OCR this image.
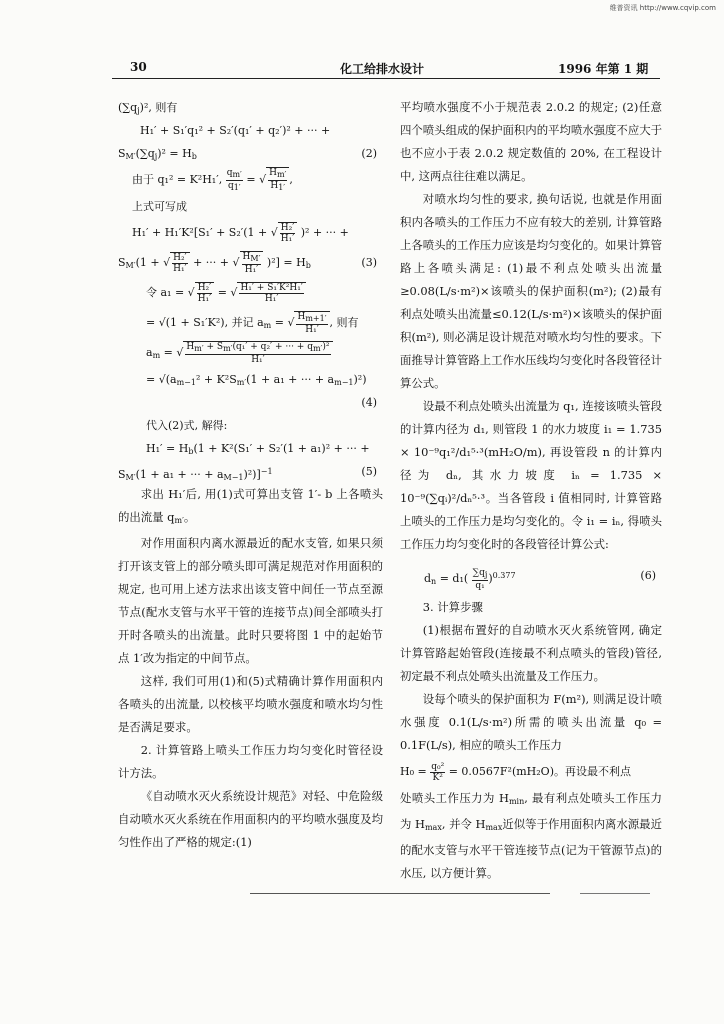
维普资讯 http://www.cqvip.com
30	化工给排水设计	1996 年第 1 期
$(\sum q_j)^2$, 则有
H₁′ + S₁′q₁² + S₂′(q₁′ + q₂′)² + ··· +
$S_{M'}(\sum q_j)^2 = H_b$	(2)
由于 q₁² = K²H₁′, $\frac{qm'}{q1'}$ = √ $\frac{Hm'}{H1'}$ ,
上式可写成
H₁′ + H₁′K²[S₁′ + S₂′(1 + √ $\frac{\text{H₂′}}{\text{H₁′}} )^2$ + ··· +
$S_{M'}(1$ + √ $\frac{\text{H₂′}}{\text{H₁′}}$ + ··· + √ $\frac{HM'}{\text{H₁′}} )^2] = H_b$	(3)
令 a₁ = √ $\frac{\text{H₂′}}{\text{H₁′}}$ = √ $\frac{\text{H₁′ + S₁′K²H₁′}}{\text{H₁′}}$
= √(1 + S₁′K²), 并记 $a_m$ = √ $\frac{Hm+1'}{\text{H₁′}}$ , 则有
$a_m$ = √ $\frac{\text{Hm′ + Sm′(q₁′ + q₂′ + ··· + qm′)²}}{\text{H₁′}}$
= $√(a_{m-1}^2 + K^2S_{m'}(1 + a_1$ + ··· + $a_{m-1})^2$)
(4)
代入(2)式, 解得:
$H_1' = H_b(1 + K^2(S_1' + S_2'(1 + a_1)^2$ + ··· +
$S_{M'}(1 + a_1$ + ··· + $a_{M-1})^2)]^{-1}$	(5)

求出 H₁′后, 用(1)式可算出支管 1′- b 上各喷头的出流量 $q_{m'}$。

对作用面积内离水源最近的配水支管, 如果只须打开该支管上的部分喷头即可满足规范对作用面积的规定, 也可用上述方法求出该支管中间任一节点至源节点(配水支管与水平干管的连接节点)间全部喷头打开时各喷头的出流量。此时只要将图 1 中的起始节点 1′改为指定的中间节点。

这样, 我们可用(1)和(5)式精确计算作用面积内各喷头的出流量, 以校核平均喷水强度和喷水均匀性是否满足要求。

2. 计算管路上喷头工作压力均匀变化时管径设计方法。

《自动喷水灭火系统设计规范》对轻、中危险级自动喷水灭火系统在作用面积内的平均喷水强度及均匀性作出了严格的规定:(1)

平均喷水强度不小于规范表 2.0.2 的规定; (2)任意四个喷头组成的保护面积内的平均喷水强度不应大于也不应小于表 2.0.2 规定数值的 20%, 在工程设计中, 这两点往往难以满足。

对喷水均匀性的要求, 换句话说, 也就是作用面积内各喷头的工作压力不应有较大的差别, 计算管路上各喷头的工作压力应该是均匀变化的。如果计算管路上各喷头满足: (1)最不利点处喷头出流量≥0.08(L/s·m²)×该喷头的保护面积(m²); (2)最有利点处喷头出流量≤0.12(L/s·m²)×该喷头的保护面积(m²), 则必满足设计规范对喷水均匀性的要求。下面推导计算管路上工作水压线均匀变化时各段管径计算公式。

设最不利点处喷头出流量为 q₁, 连接该喷头管段的计算内径为 d₁, 则管段 1 的水力坡度 i₁ = 1.735 × 10⁻⁹q₁²/d₁⁵·³(mH₂O/m), 再设管段 n 的计算内径为 dₙ, 其水力坡度 iₙ = 1.735 × 10⁻⁹(∑qᵢ)²/dₙ⁵·³。当各管段 i 值相同时, 计算管路上喷头的工作压力是均匀变化的。令 i₁ = iₙ, 得喷头工作压力均匀变化时的各段管径计算公式:

$d_n = d_1( \frac{\sum qj}{\text{q₁}} )^{0.377}$	(6)

3. 计算步骤

(1)根据布置好的自动喷水灭火系统管网, 确定计算管路起始管段(连接最不利点喷头的管段)管径, 初定最不利点处喷头出流量及工作压力。

设每个喷头的保护面积为 F(m²), 则满足设计喷水强度 0.1(L/s·m²)所需的喷头出流量 q₀ = 0.1F(L/s), 相应的喷头工作压力

$H_0 = \frac{\text{q₀²}}{\text{K²}} = 0.0567F^2(mH_2O)$。再设最不利点

处喷头工作压力为 $H_{min}$, 最有利点处喷头工作压力为 $H_{max}$, 并令 $H_{max}$近似等于作用面积内离水源最近的配水支管与水平干管连接节点(记为干管源节点)的水压, 以方便计算。
